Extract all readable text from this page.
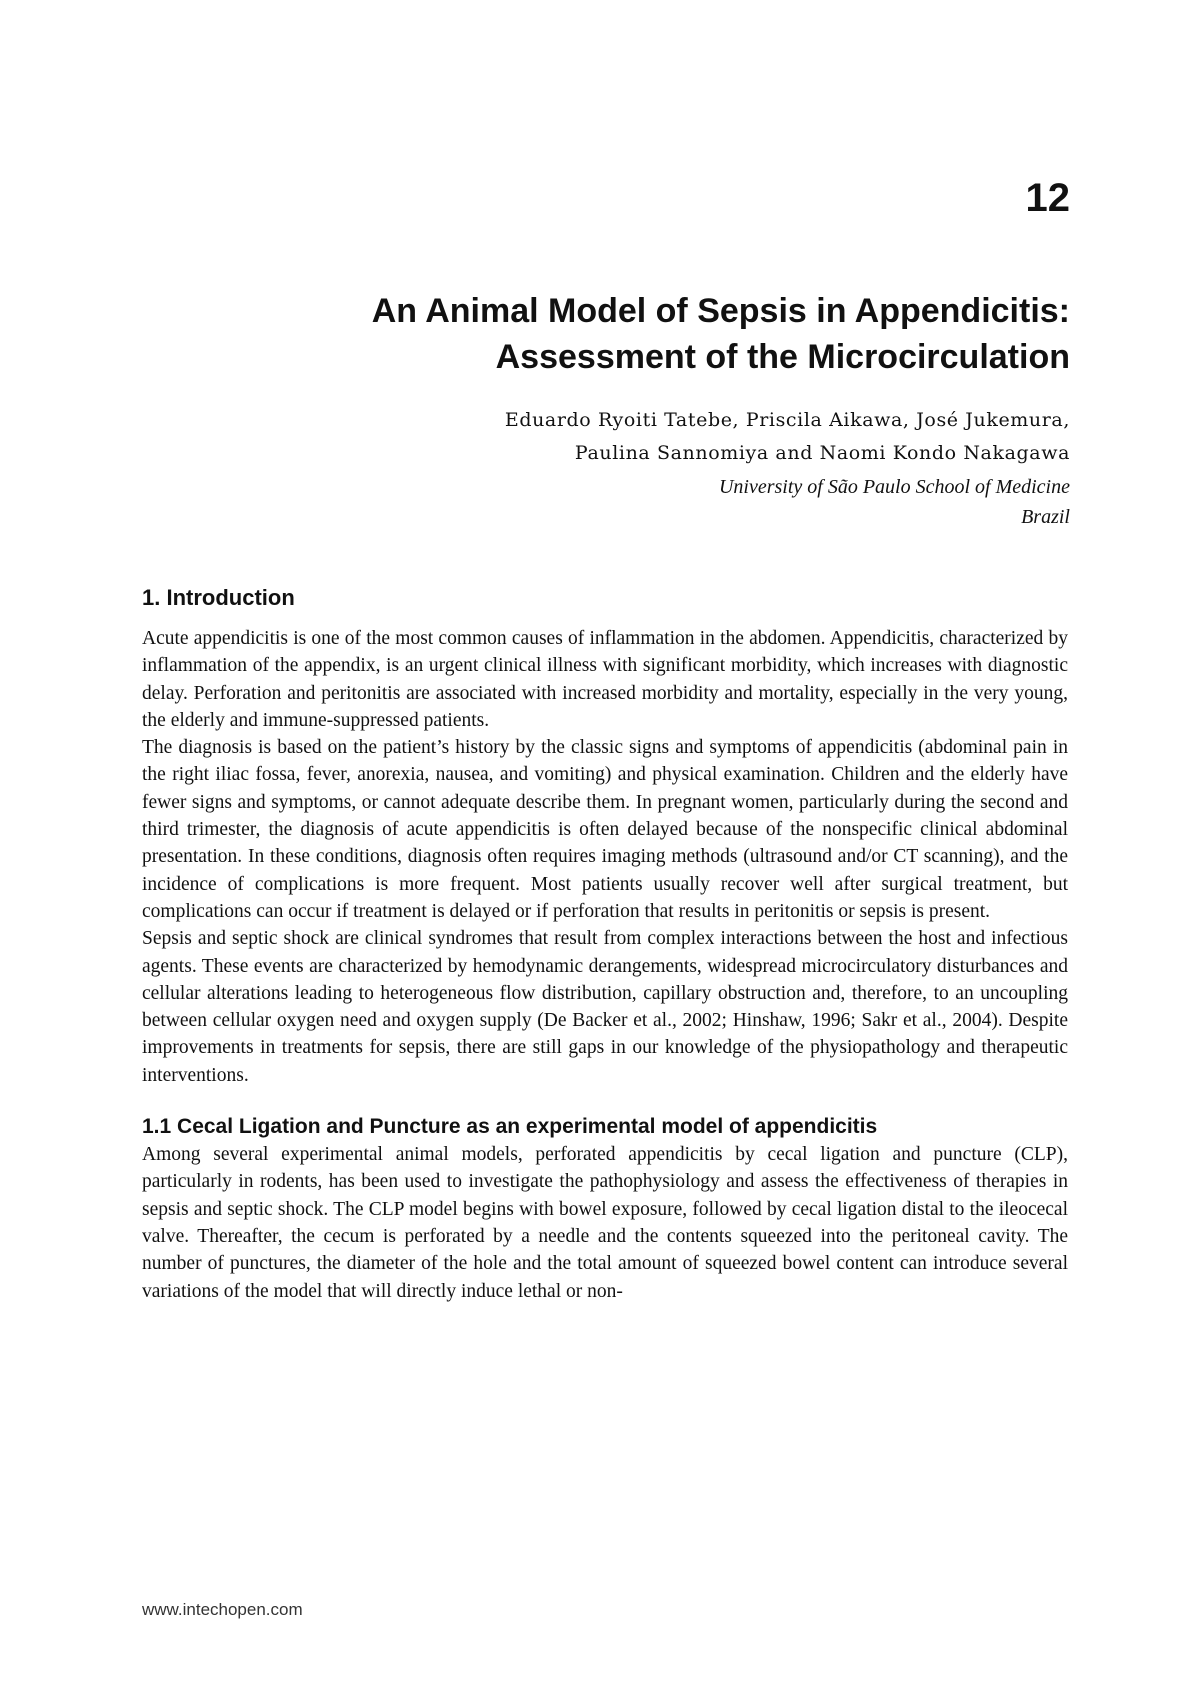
12
An Animal Model of Sepsis in Appendicitis:
Assessment of the Microcirculation
Eduardo Ryoiti Tatebe, Priscila Aikawa, José Jukemura,
Paulina Sannomiya and Naomi Kondo Nakagawa
University of São Paulo School of Medicine
Brazil
1. Introduction

Acute appendicitis is one of the most common causes of inflammation in the abdomen. Appendicitis, characterized by inflammation of the appendix, is an urgent clinical illness with significant morbidity, which increases with diagnostic delay. Perforation and peritonitis are associated with increased morbidity and mortality, especially in the very young, the elderly and immune-suppressed patients.

The diagnosis is based on the patient’s history by the classic signs and symptoms of appendicitis (abdominal pain in the right iliac fossa, fever, anorexia, nausea, and vomiting) and physical examination. Children and the elderly have fewer signs and symptoms, or cannot adequate describe them. In pregnant women, particularly during the second and third trimester, the diagnosis of acute appendicitis is often delayed because of the nonspecific clinical abdominal presentation. In these conditions, diagnosis often requires imaging methods (ultrasound and/or CT scanning), and the incidence of complications is more frequent. Most patients usually recover well after surgical treatment, but complications can occur if treatment is delayed or if perforation that results in peritonitis or sepsis is present.

Sepsis and septic shock are clinical syndromes that result from complex interactions between the host and infectious agents. These events are characterized by hemodynamic derangements, widespread microcirculatory disturbances and cellular alterations leading to heterogeneous flow distribution, capillary obstruction and, therefore, to an uncoupling between cellular oxygen need and oxygen supply (De Backer et al., 2002; Hinshaw, 1996; Sakr et al., 2004). Despite improvements in treatments for sepsis, there are still gaps in our knowledge of the physiopathology and therapeutic interventions.

1.1 Cecal Ligation and Puncture as an experimental model of appendicitis

Among several experimental animal models, perforated appendicitis by cecal ligation and puncture (CLP), particularly in rodents, has been used to investigate the pathophysiology and assess the effectiveness of therapies in sepsis and septic shock. The CLP model begins with bowel exposure, followed by cecal ligation distal to the ileocecal valve. Thereafter, the cecum is perforated by a needle and the contents squeezed into the peritoneal cavity. The number of punctures, the diameter of the hole and the total amount of squeezed bowel content can introduce several variations of the model that will directly induce lethal or non-

www.intechopen.com
